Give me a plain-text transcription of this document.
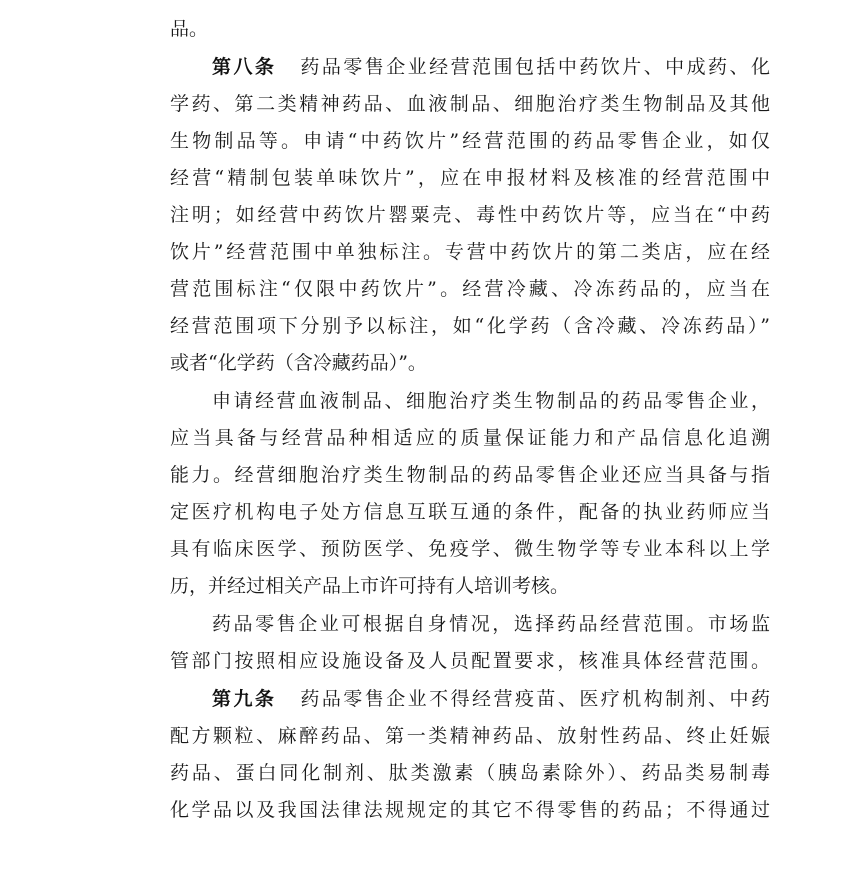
品。
第八条 药品零售企业经营范围包括中药饮片、中成药、化
学药、第二类精神药品、血液制品、细胞治疗类生物制品及其他
生物制品等。申请“中药饮片”经营范围的药品零售企业，如仅
经营“精制包装单味饮片”，应在申报材料及核准的经营范围中
注明；如经营中药饮片罂粟壳、毒性中药饮片等，应当在“中药
饮片”经营范围中单独标注。专营中药饮片的第二类店，应在经
营范围标注“仅限中药饮片”。经营冷藏、冷冻药品的，应当在
经营范围项下分别予以标注，如“化学药（含冷藏、冷冻药品）”
或者“化学药（含冷藏药品）”。
申请经营血液制品、细胞治疗类生物制品的药品零售企业，
应当具备与经营品种相适应的质量保证能力和产品信息化追溯
能力。经营细胞治疗类生物制品的药品零售企业还应当具备与指
定医疗机构电子处方信息互联互通的条件，配备的执业药师应当
具有临床医学、预防医学、免疫学、微生物学等专业本科以上学
历，并经过相关产品上市许可持有人培训考核。
药品零售企业可根据自身情况，选择药品经营范围。市场监
管部门按照相应设施设备及人员配置要求，核准具体经营范围。
第九条 药品零售企业不得经营疫苗、医疗机构制剂、中药
配方颗粒、麻醉药品、第一类精神药品、放射性药品、终止妊娠
药品、蛋白同化制剂、肽类激素（胰岛素除外）、药品类易制毒
化学品以及我国法律法规规定的其它不得零售的药品；不得通过
